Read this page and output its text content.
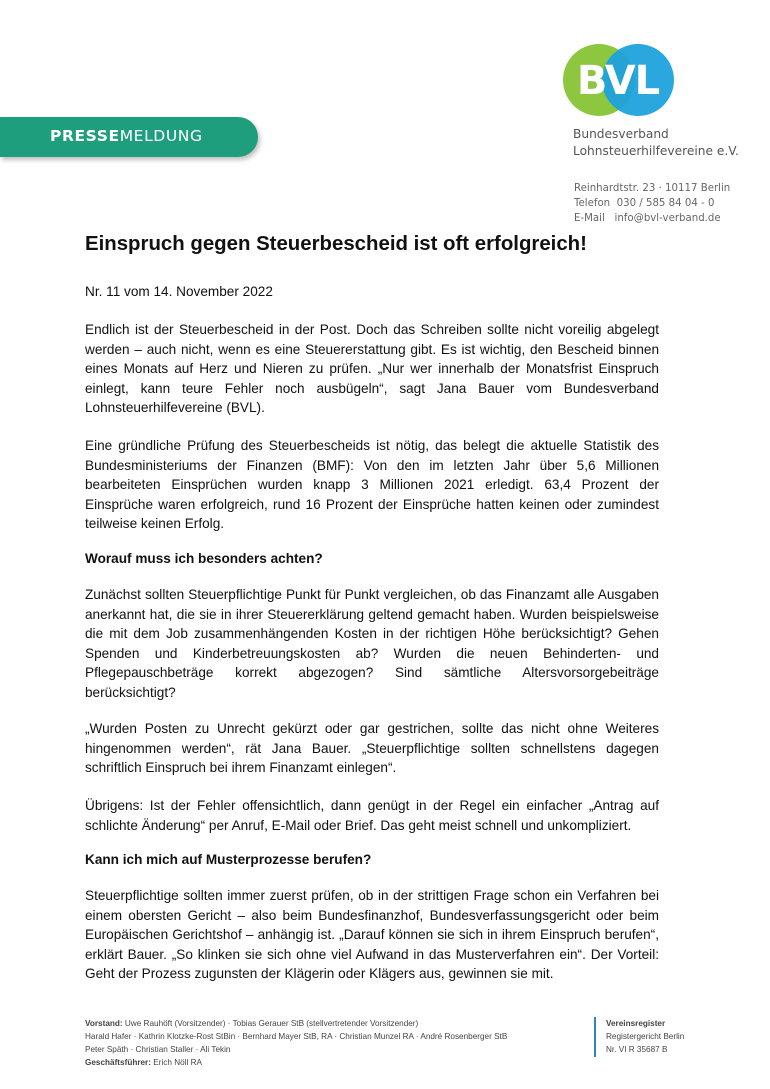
PRESSEMELDUNG
BVL
Bundesverband
Lohnsteuerhilfevereine e.V.
Reinhardtstr. 23 · 10117 Berlin
Telefon  030 / 585 84 04 - 0
E-Mail   info@bvl-verband.de
Einspruch gegen Steuerbescheid ist oft erfolgreich!
Nr. 11 vom 14. November 2022

Endlich ist der Steuerbescheid in der Post. Doch das Schreiben sollte nicht voreilig abgelegt werden – auch nicht, wenn es eine Steuererstattung gibt. Es ist wichtig, den Bescheid binnen eines Monats auf Herz und Nieren zu prüfen. „Nur wer innerhalb der Monatsfrist Einspruch einlegt, kann teure Fehler noch ausbügeln“, sagt Jana Bauer vom Bundesverband Lohnsteuerhilfevereine (BVL).

Eine gründliche Prüfung des Steuerbescheids ist nötig, das belegt die aktuelle Statistik des Bundesministeriums der Finanzen (BMF): Von den im letzten Jahr über 5,6 Millionen bearbeiteten Einsprüchen wurden knapp 3 Millionen 2021 erledigt. 63,4 Prozent der Einsprüche waren erfolgreich, rund 16 Prozent der Einsprüche hatten keinen oder zumindest teilweise keinen Erfolg.

Worauf muss ich besonders achten?

Zunächst sollten Steuerpflichtige Punkt für Punkt vergleichen, ob das Finanzamt alle Ausgaben anerkannt hat, die sie in ihrer Steuererklärung geltend gemacht haben. Wurden beispielsweise die mit dem Job zusammenhängenden Kosten in der richtigen Höhe berücksichtigt? Gehen Spenden und Kinderbetreuungskosten ab? Wurden die neuen Behinderten- und Pflegepauschbeträge korrekt abgezogen? Sind sämtliche Altersvorsorgebeiträge berücksichtigt?

„Wurden Posten zu Unrecht gekürzt oder gar gestrichen, sollte das nicht ohne Weiteres hingenommen werden“, rät Jana Bauer. „Steuerpflichtige sollten schnellstens dagegen schriftlich Einspruch bei ihrem Finanzamt einlegen“.

Übrigens: Ist der Fehler offensichtlich, dann genügt in der Regel ein einfacher „Antrag auf schlichte Änderung“ per Anruf, E-Mail oder Brief. Das geht meist schnell und unkompliziert.

Kann ich mich auf Musterprozesse berufen?

Steuerpflichtige sollten immer zuerst prüfen, ob in der strittigen Frage schon ein Verfahren bei einem obersten Gericht – also beim Bundesfinanzhof, Bundesverfassungsgericht oder beim Europäischen Gerichtshof – anhängig ist. „Darauf können sie sich in ihrem Einspruch berufen“, erklärt Bauer. „So klinken sie sich ohne viel Aufwand in das Musterverfahren ein“. Der Vorteil: Geht der Prozess zugunsten der Klägerin oder Klägers aus, gewinnen sie mit.

Vorstand: Uwe Rauhöft (Vorsitzender) · Tobias Gerauer StB (stellvertretender Vorsitzender)
Harald Hafer · Kathrin Klotzke-Rost StBin · Bernhard Mayer StB, RA · Christian Munzel RA · André Rosenberger StB
Peter Späth · Christian Staller · Ali Tekin
Geschäftsführer: Erich Nöll RA
Vereinsregister
Registergericht Berlin
Nr. VI R 35687 B
